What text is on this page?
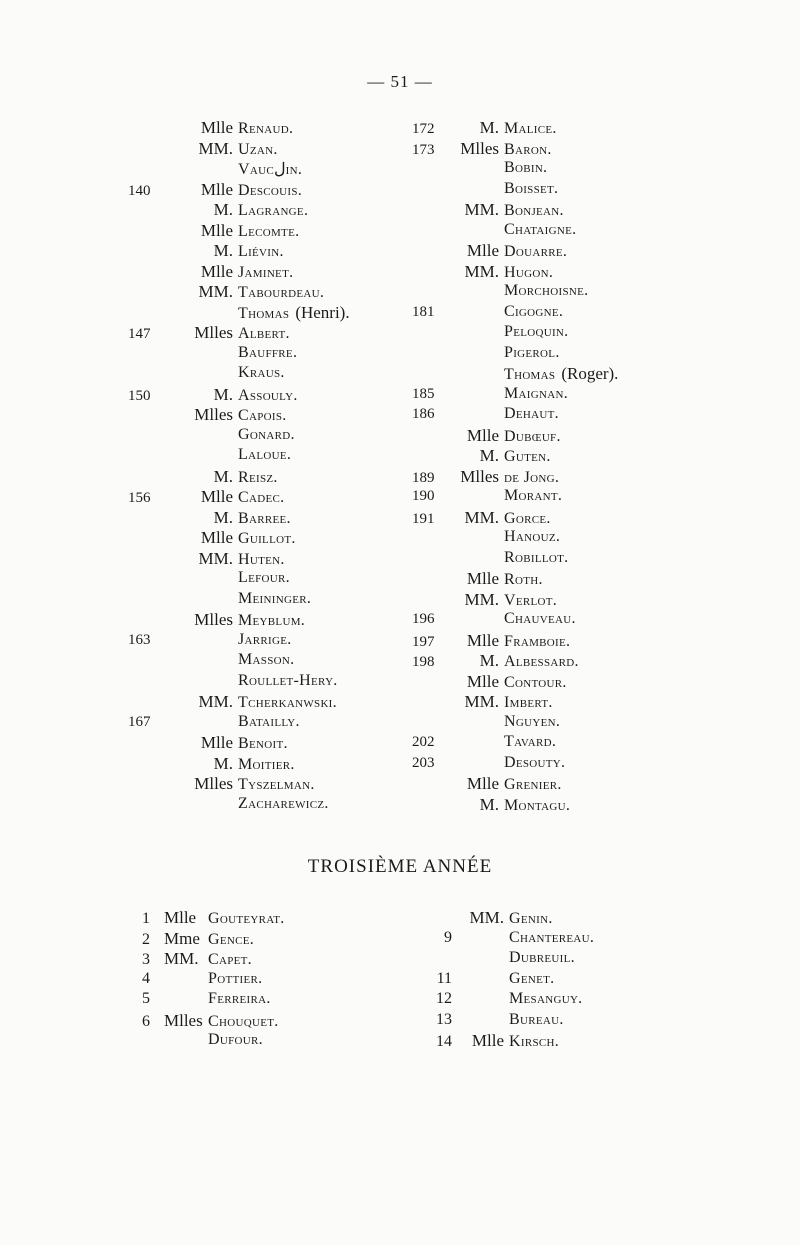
— 51 —
Mlle Renaud.
MM. Uzan.
Vaucلin.
140	Mlle Descouis.
M. Lagrange.
Mlle Lecomte.
M. Liévin.
Mlle Jaminet.
MM. Tabourdeau.
Thomas (Henri).
147	Mlles Albert.
Bauffre.
Kraus.
150	M. Assouly.
Mlles Capois.
Gonard.
Laloue.
M. Reisz.
156	Mlle Cadec.
M. Barree.
Mlle Guillot.
MM. Huten.
Lefour.
Meininger.
Mlles Meyblum.
163	Jarrige.
Masson.
Roullet-Hery.
MM. Tcherkanwski.
167	Batailly.
Mlle Benoit.
M. Moitier.
Mlles Tyszelman.
Zacharewicz.
172	M. Malice.
173	Mlles Baron.
Bobin.
Boisset.
MM. Bonjean.
Chataigne.
Mlle Douarre.
MM. Hugon.
Morchoisne.
181	Cigogne.
Peloquin.
Pigerol.
Thomas (Roger).
185	Maignan.
186	Dehaut.
Mlle Dubœuf.
M. Guten.
189	Mlles de Jong.
190	Morant.
191	MM. Gorce.
Hanouz.
Robillot.
Mlle Roth.
MM. Verlot.
196	Chauveau.
197	Mlle Framboie.
198	M. Albessard.
Mlle Contour.
MM. Imbert.
Nguyen.
202	Tavard.
203	Desouty.
Mlle Grenier.
M. Montagu.
TROISIÈME ANNÉE
1 Mlle Gouteyrat.
2 Mme Gence.
3 MM. Capet.
4	Pottier.
5	Ferreira.
6 Mlles Chouquet.
Dufour.
MM. Genin.
9	Chantereau.
Dubreuil.
11	Genet.
12	Mesanguy.
13	Bureau.
14	Mlle Kirsch.
